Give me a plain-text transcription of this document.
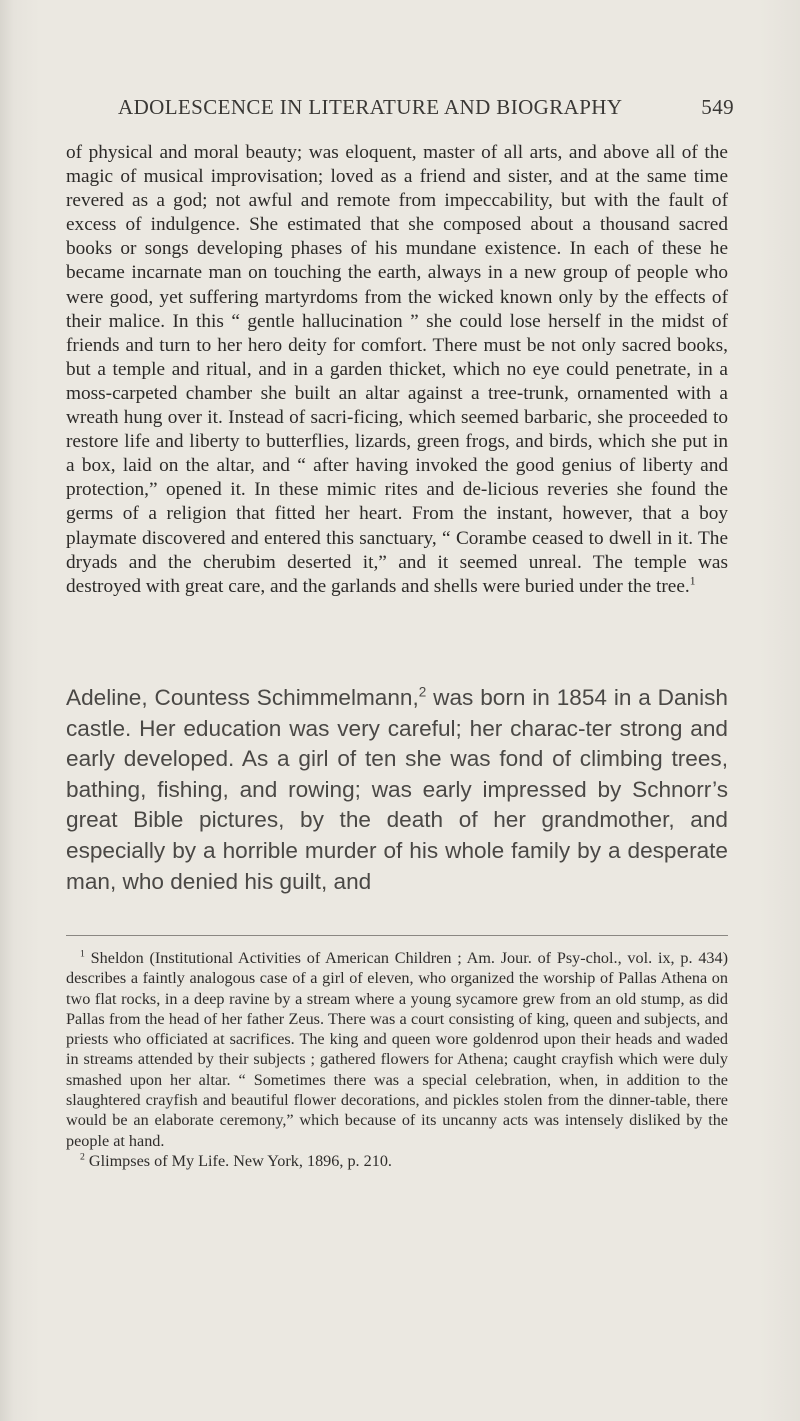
ADOLESCENCE IN LITERATURE AND BIOGRAPHY	549

of physical and moral beauty; was eloquent, master of all arts, and above all of the magic of musical improvisation; loved as a friend and sister, and at the same time revered as a god; not awful and remote from impeccability, but with the fault of excess of indulgence. She estimated that she composed about a thousand sacred books or songs developing phases of his mundane existence. In each of these he became incarnate man on touching the earth, always in a new group of people who were good, yet suffering martyrdoms from the wicked known only by the effects of their malice. In this “ gentle hallucination ” she could lose herself in the midst of friends and turn to her hero deity for comfort. There must be not only sacred books, but a temple and ritual, and in a garden thicket, which no eye could penetrate, in a moss-carpeted chamber she built an altar against a tree-trunk, ornamented with a wreath hung over it. Instead of sacri-ficing, which seemed barbaric, she proceeded to restore life and liberty to butterflies, lizards, green frogs, and birds, which she put in a box, laid on the altar, and “ after having invoked the good genius of liberty and protection,” opened it. In these mimic rites and de-licious reveries she found the germs of a religion that fitted her heart. From the instant, however, that a boy playmate discovered and entered this sanctuary, “ Corambe ceased to dwell in it. The dryads and the cherubim deserted it,” and it seemed unreal. The temple was destroyed with great care, and the garlands and shells were buried under the tree.$^1$

Adeline, Countess Schimmelmann,$^2$ was born in 1854 in a Danish castle. Her education was very careful; her charac-ter strong and early developed. As a girl of ten she was fond of climbing trees, bathing, fishing, and rowing; was early impressed by Schnorr’s great Bible pictures, by the death of her grandmother, and especially by a horrible murder of his whole family by a desperate man, who denied his guilt, and

$^1$ Sheldon (Institutional Activities of American Children ; Am. Jour. of Psy-chol., vol. ix, p. 434) describes a faintly analogous case of a girl of eleven, who organized the worship of Pallas Athena on two flat rocks, in a deep ravine by a stream where a young sycamore grew from an old stump, as did Pallas from the head of her father Zeus. There was a court consisting of king, queen and subjects, and priests who officiated at sacrifices. The king and queen wore goldenrod upon their heads and waded in streams attended by their subjects ; gathered flowers for Athena; caught crayfish which were duly smashed upon her altar. “ Sometimes there was a special celebration, when, in addition to the slaughtered crayfish and beautiful flower decorations, and pickles stolen from the dinner-table, there would be an elaborate ceremony,” which because of its uncanny acts was intensely disliked by the people at hand.

$^2$ Glimpses of My Life. New York, 1896, p. 210.
